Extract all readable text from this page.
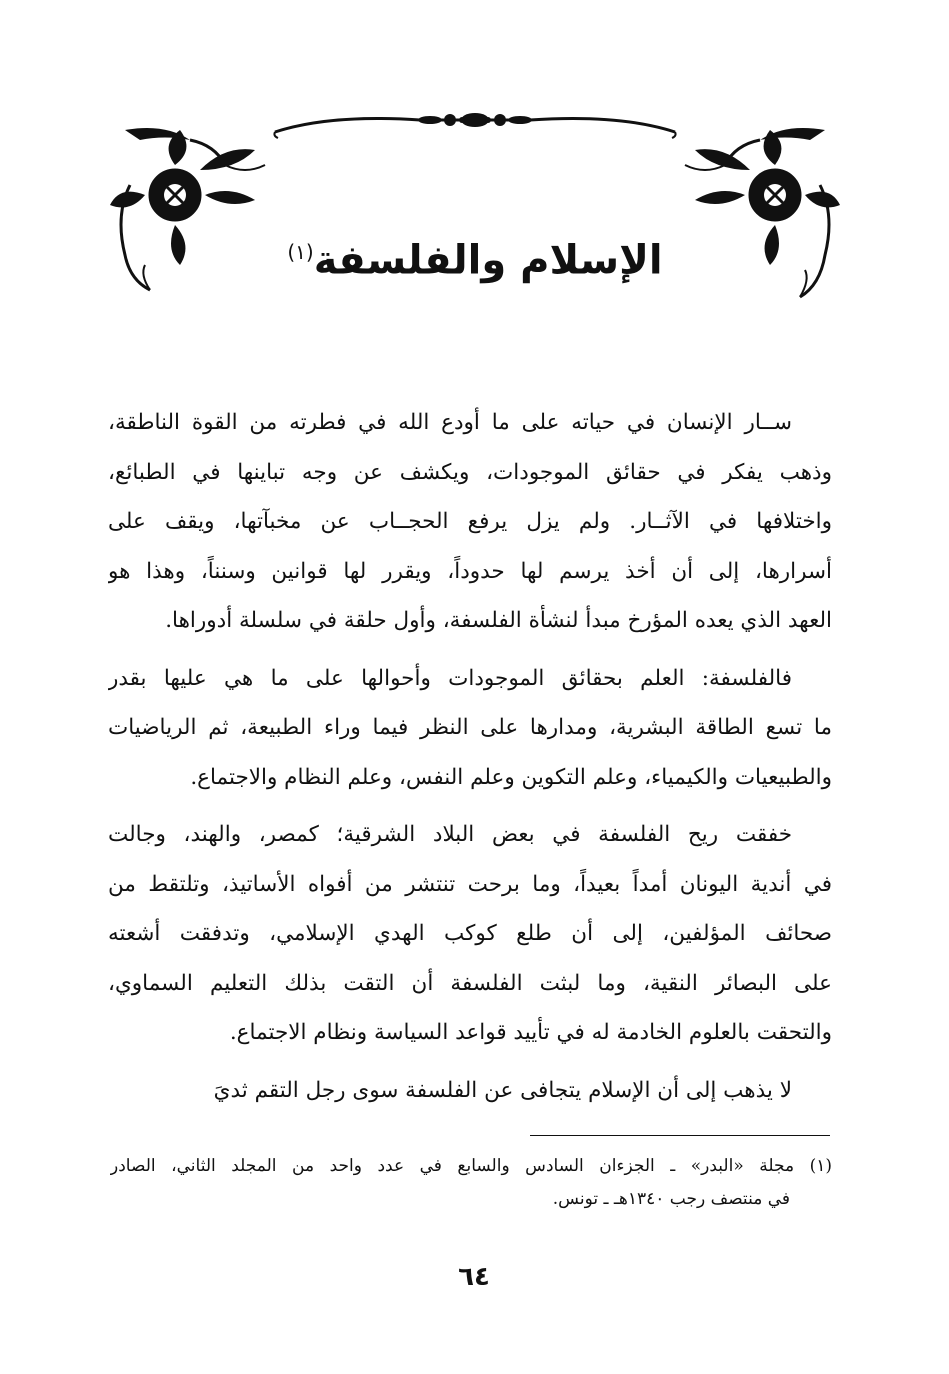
الإسلام والفلسفة$^{(١)}$

ســار الإنسان في حياته على ما أودع الله في فطرته من القوة الناطقة،
وذهب يفكر في حقائق الموجودات، ويكشف عن وجه تباينها في الطبائع،
واختلافها في الآثــار. ولم يزل يرفع الحجــاب عن مخبآتها، ويقف على
أسرارها، إلى أن أخذ يرسم لها حدوداً، ويقرر لها قوانين وسنناً، وهذا هو
العهد الذي يعده المؤرخ مبدأ لنشأة الفلسفة، وأول حلقة في سلسلة أدوراها.

فالفلسفة: العلم بحقائق الموجودات وأحوالها على ما هي عليها بقدر
ما تسع الطاقة البشرية، ومدارها على النظر فيما وراء الطبيعة، ثم الرياضيات
والطبيعيات والكيمياء، وعلم التكوين وعلم النفس، وعلم النظام والاجتماع.

خفقت ريح الفلسفة في بعض البلاد الشرقية؛ كمصر، والهند، وجالت
في أندية اليونان أمداً بعيداً، وما برحت تنتشر من أفواه الأساتيذ، وتلتقط من
صحائف المؤلفين، إلى أن طلع كوكب الهدي الإسلامي، وتدفقت أشعته
على البصائر النقية، وما لبثت الفلسفة أن التقت بذلك التعليم السماوي،
والتحقت بالعلوم الخادمة له في تأييد قواعد السياسة ونظام الاجتماع.

لا يذهب إلى أن الإسلام يتجافى عن الفلسفة سوى رجل التقم ثديَ

(١) مجلة «البدر» ـ الجزءان السادس والسابع في عدد واحد من المجلد الثاني، الصادر
في منتصف رجب ١٣٤٠هـ ـ تونس.
٦٤
